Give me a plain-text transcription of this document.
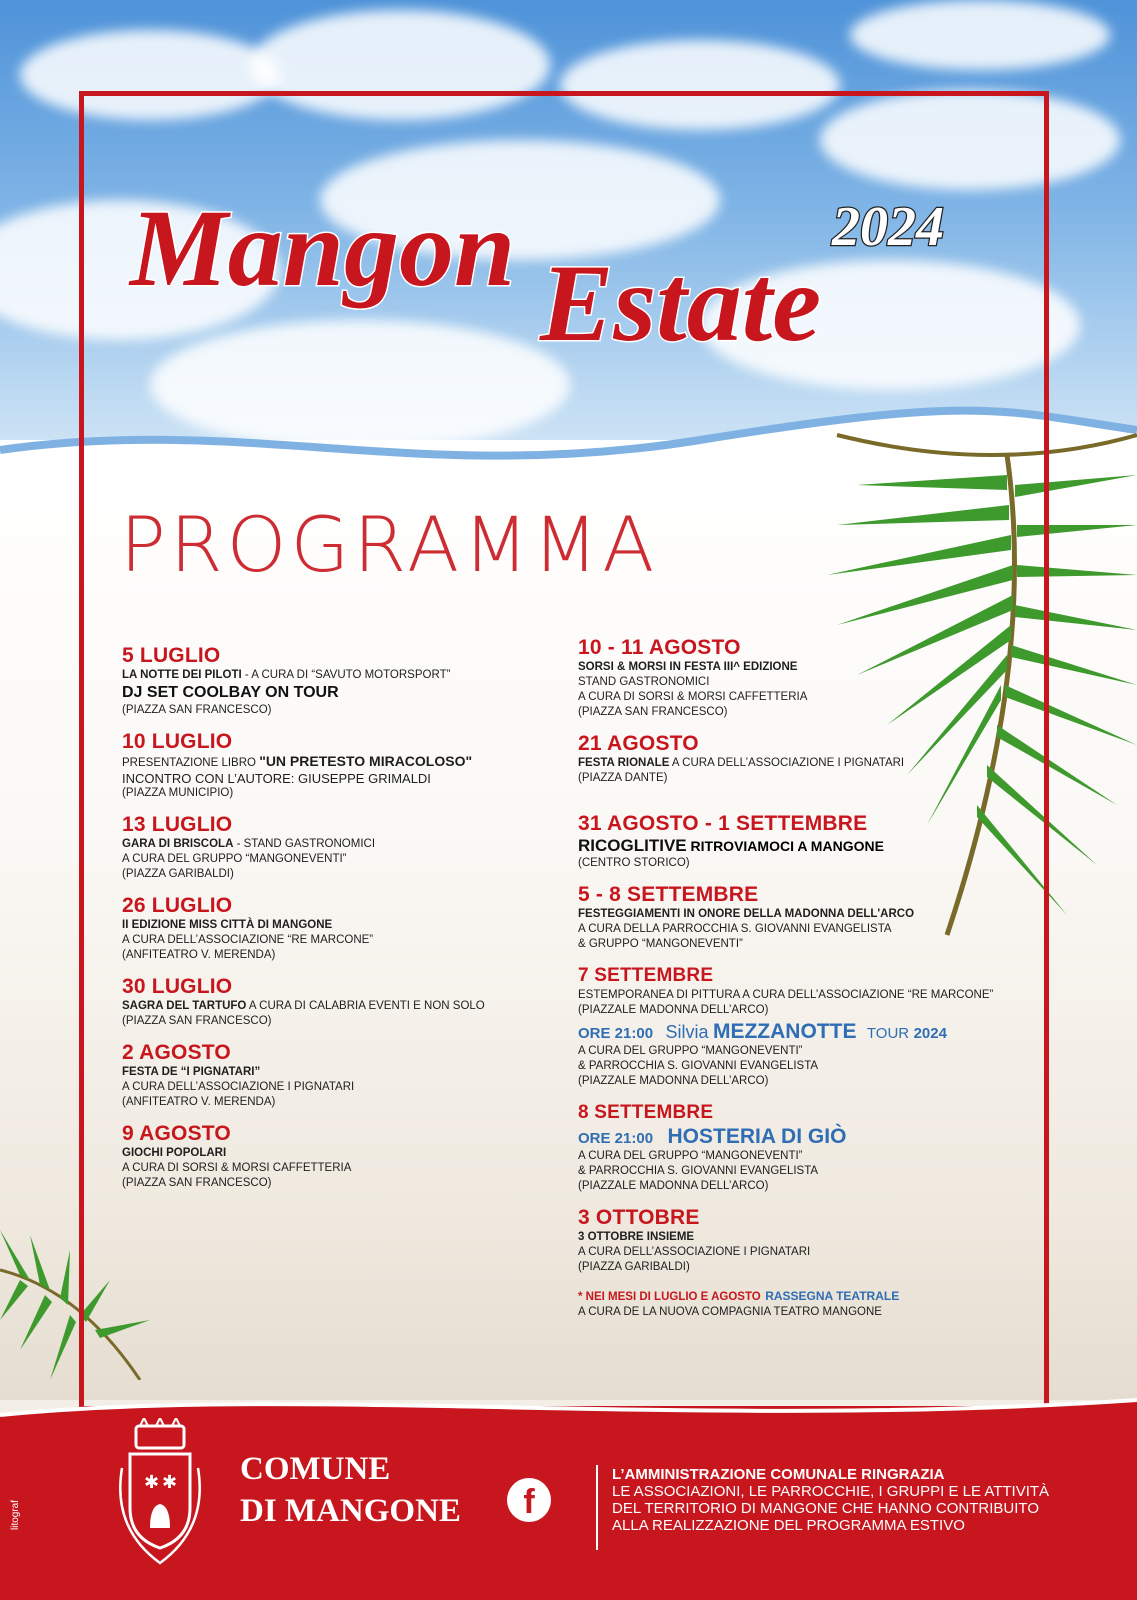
Mangon Estate
2024
PROGRAMMA
5 LUGLIO
LA NOTTE DEI PILOTI - A CURA DI “SAVUTO MOTORSPORT”
DJ SET COOLBAY ON TOUR
(PIAZZA SAN FRANCESCO)
10 LUGLIO
PRESENTAZIONE LIBRO "UN PRETESTO MIRACOLOSO"
INCONTRO CON L’AUTORE: GIUSEPPE GRIMALDI
(PIAZZA MUNICIPIO)
13 LUGLIO
GARA DI BRISCOLA - STAND GASTRONOMICI
A CURA DEL GRUPPO “MANGONEVENTI”
(PIAZZA GARIBALDI)
26 LUGLIO
II EDIZIONE MISS CITTÀ DI MANGONE
A CURA DELL’ASSOCIAZIONE “RE MARCONE”
(ANFITEATRO V. MERENDA)
30 LUGLIO
SAGRA DEL TARTUFO A CURA DI CALABRIA EVENTI E NON SOLO
(PIAZZA SAN FRANCESCO)
2 AGOSTO
FESTA DE “I PIGNATARI”
A CURA DELL’ASSOCIAZIONE I PIGNATARI
(ANFITEATRO V. MERENDA)
9 AGOSTO
GIOCHI POPOLARI
A CURA DI SORSI & MORSI CAFFETTERIA
(PIAZZA SAN FRANCESCO)
10 - 11 AGOSTO
SORSI & MORSI IN FESTA III^ EDIZIONE
STAND GASTRONOMICI
A CURA DI SORSI & MORSI CAFFETTERIA
(PIAZZA SAN FRANCESCO)
21 AGOSTO
FESTA RIONALE A CURA DELL’ASSOCIAZIONE I PIGNATARI
(PIAZZA DANTE)
31 AGOSTO - 1 SETTEMBRE
RICOGLITIVE RITROVIAMOCI A MANGONE
(CENTRO STORICO)
5 - 8 SETTEMBRE
FESTEGGIAMENTI IN ONORE DELLA MADONNA DELL'ARCO
A CURA DELLA PARROCCHIA S. GIOVANNI EVANGELISTA
& GRUPPO “MANGONEVENTI”
7 SETTEMBRE
ESTEMPORANEA DI PITTURA A CURA DELL’ASSOCIAZIONE “RE MARCONE”
(PIAZZALE MADONNA DELL’ARCO)
ORE 21:00 Silvia MEZZANOTTE TOUR 2024
A CURA DEL GRUPPO “MANGONEVENTI”
& PARROCCHIA S. GIOVANNI EVANGELISTA
(PIAZZALE MADONNA DELL’ARCO)
8 SETTEMBRE
ORE 21:00 HOSTERIA DI GIÒ
A CURA DEL GRUPPO “MANGONEVENTI”
& PARROCCHIA S. GIOVANNI EVANGELISTA
(PIAZZALE MADONNA DELL’ARCO)
3 OTTOBRE
3 OTTOBRE INSIEME
A CURA DELL’ASSOCIAZIONE I PIGNATARI
(PIAZZA GARIBALDI)
* NEI MESI DI LUGLIO E AGOSTO RASSEGNA TEATRALE
A CURA DE LA NUOVA COMPAGNIA TEATRO MANGONE
✱ ✱ COMUNE
DI MANGONE	f
L’AMMINISTRAZIONE COMUNALE RINGRAZIA
LE ASSOCIAZIONI, LE PARROCCHIE, I GRUPPI E LE ATTIVITÀ
DEL TERRITORIO DI MANGONE CHE HANNO CONTRIBUITO
ALLA REALIZZAZIONE DEL PROGRAMMA ESTIVO
litograf
